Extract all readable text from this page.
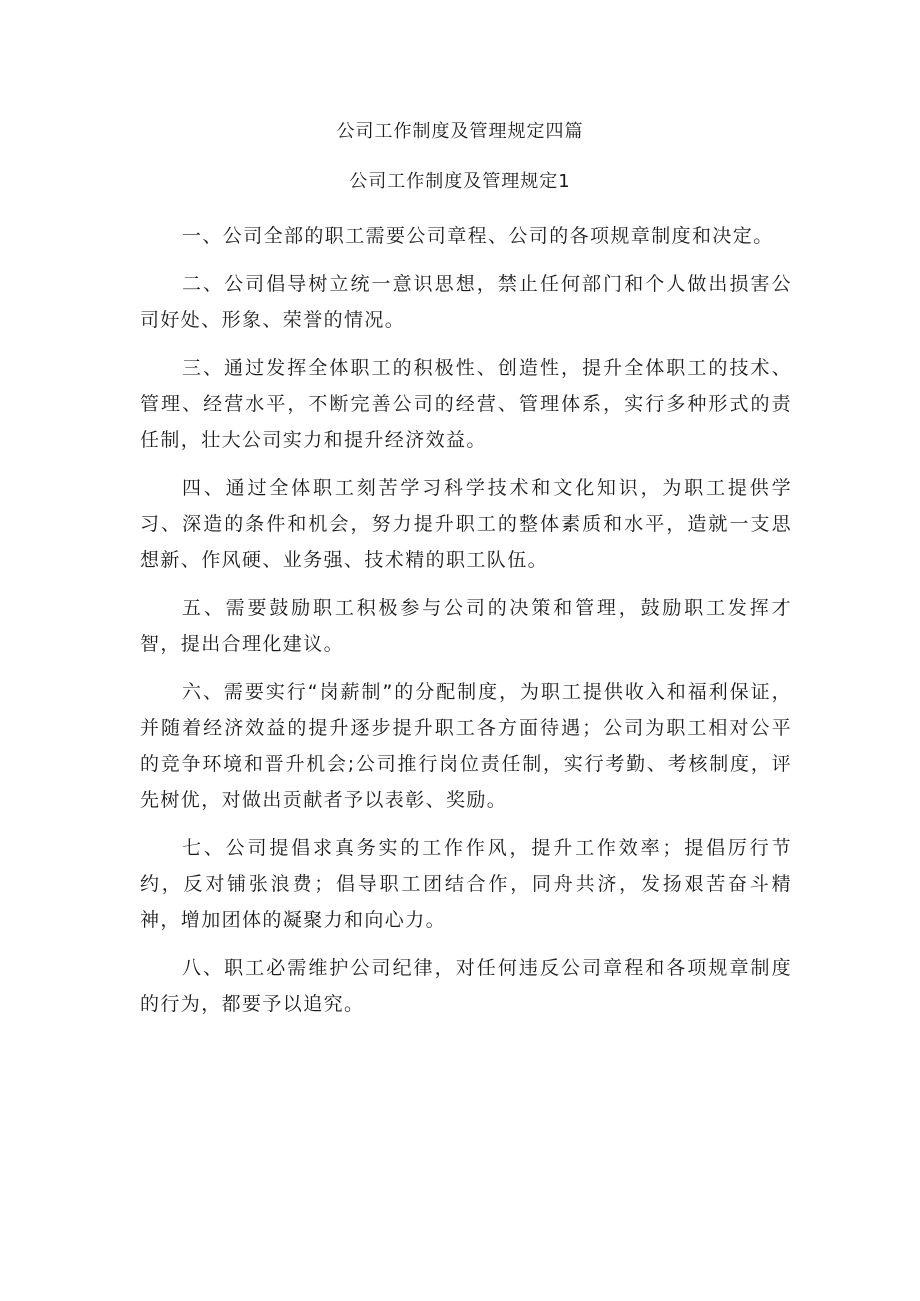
公司工作制度及管理规定四篇
公司工作制度及管理规定1

一、公司全部的职工需要公司章程、公司的各项规章制度和决定。

二、公司倡导树立统一意识思想，禁止任何部门和个人做出损害公司好处、形象、荣誉的情况。

三、通过发挥全体职工的积极性、创造性，提升全体职工的技术、管理、经营水平，不断完善公司的经营、管理体系，实行多种形式的责任制，壮大公司实力和提升经济效益。

四、通过全体职工刻苦学习科学技术和文化知识，为职工提供学习、深造的条件和机会，努力提升职工的整体素质和水平，造就一支思想新、作风硬、业务强、技术精的职工队伍。

五、需要鼓励职工积极参与公司的决策和管理，鼓励职工发挥才智，提出合理化建议。

六、需要实行“岗薪制”的分配制度，为职工提供收入和福利保证，并随着经济效益的提升逐步提升职工各方面待遇；公司为职工相对公平的竞争环境和晋升机会;公司推行岗位责任制，实行考勤、考核制度，评先树优，对做出贡献者予以表彰、奖励。

七、公司提倡求真务实的工作作风，提升工作效率；提倡厉行节约，反对铺张浪费；倡导职工团结合作，同舟共济，发扬艰苦奋斗精神，增加团体的凝聚力和向心力。

八、职工必需维护公司纪律，对任何违反公司章程和各项规章制度的行为，都要予以追究。
